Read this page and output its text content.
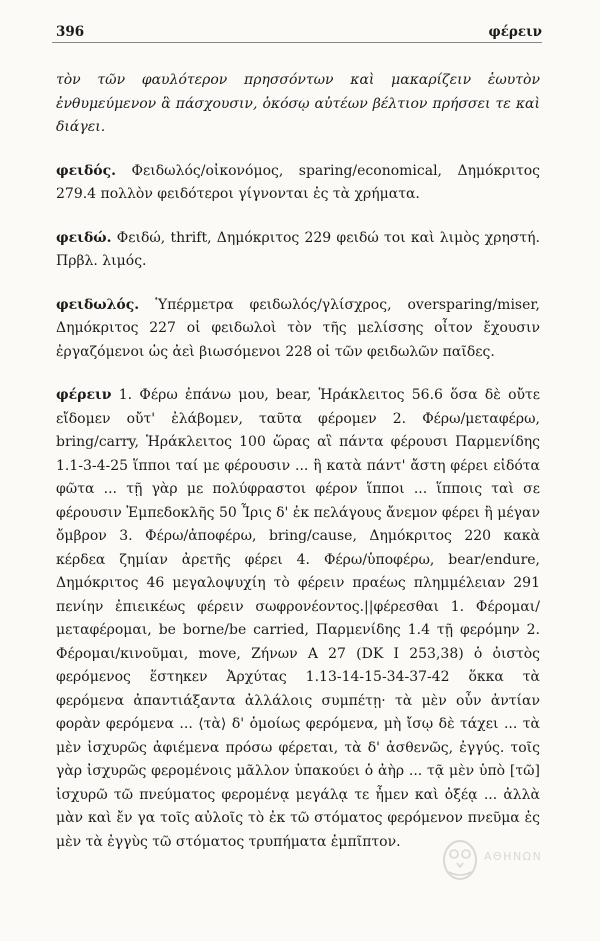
396	φέρειν

τὸν τῶν φαυλότερον πρησσόντων καὶ μακαρίζειν ἑωυτὸν ἐνθυμεύμενον ἃ πάσχουσιν, ὁκόσῳ αὐτέων βέλτιον πρήσσει τε καὶ διάγει.

φειδός. Φειδωλός/οἰκονόμος, sparing/economical, Δημόκριτος 279.4 πολλὸν φειδότεροι γίγνονται ἐς τὰ χρήματα.

φειδώ. Φειδώ, thrift, Δημόκριτος 229 φειδώ τοι καὶ λιμὸς χρηστή. Πρβλ. λιμός.

φειδωλός. Ὑπέρμετρα φειδωλός/γλίσχρος, oversparing/miser, Δημόκριτος 227 οἱ φειδωλοὶ τὸν τῆς μελίσσης οἶτον ἔχουσιν ἐργαζόμενοι ὡς ἀεὶ βιωσόμενοι 228 οἱ τῶν φειδωλῶν παῖδες.

φέρειν 1. Φέρω ἐπάνω μου, bear, Ἡράκλειτος 56.6 ὅσα δὲ οὔτε εἴδομεν οὔτ' ἐλάβομεν, ταῦτα φέρομεν 2. Φέρω/μεταφέρω, bring/carry, Ἡράκλειτος 100 ὥρας αἳ πάντα φέρουσι Παρμενίδης 1.1-3-4-25 ἵπποι ταί με φέρουσιν ... ἣ κατὰ πάντ' ἄστη φέρει εἰδότα φῶτα ... τῇ γὰρ με πολύφραστοι φέρον ἵπποι ... ἵπποις ταὶ σε φέρουσιν Ἐμπεδοκλῆς 50 Ἶρις δ' ἐκ πελάγους ἄνεμον φέρει ἢ μέγαν ὄμβρον 3. Φέρω/ἀποφέρω, bring/cause, Δημόκριτος 220 κακὰ κέρδεα ζημίαν ἀρετῆς φέρει 4. Φέρω/ὑποφέρω, bear/endure, Δημόκριτος 46 μεγαλοψυχίη τὸ φέρειν πραέως πλημμέλειαν 291 πενίην ἐπιεικέως φέρειν σωφρονέοντος.||φέρεσθαι 1. Φέρομαι/μεταφέρομαι, be borne/be carried, Παρμενίδης 1.4 τῇ φερόμην 2. Φέρομαι/κινοῦμαι, move, Ζήνων Α 27 (DK I 253,38) ὁ ὀιστὸς φερόμενος ἕστηκεν Ἀρχύτας 1.13-14-15-34-37-42 ὅκκα τὰ φερόμενα ἀπαντιάξαντα ἀλλάλοις συμπέτῃ· τὰ μὲν οὖν ἀντίαν φορὰν φερόμενα ... ⟨τὰ⟩ δ' ὁμοίως φερόμενα, μὴ ἴσῳ δὲ τάχει ... τὰ μὲν ἰσχυρῶς ἀφιέμενα πρόσω φέρεται, τὰ δ' ἀσθενῶς, ἐγγύς. τοῖς γὰρ ἰσχυρῶς φερομένοις μᾶλλον ὑπακούει ὁ ἀὴρ ... τᾷ μὲν ὑπὸ [τῶ] ἰσχυρῶ τῶ πνεύματος φερομένᾳ μεγάλᾳ τε ἦμεν καὶ ὀξέᾳ ... ἀλλὰ μὰν καὶ ἔν γα τοῖς αὐλοῖς τὸ ἐκ τῶ στόματος φερόμενον πνεῦμα ἐς μὲν τὰ ἐγγὺς τῶ στόματος τρυπήματα ἐμπῖπτον.

ΑΘΗΝΩΝ
